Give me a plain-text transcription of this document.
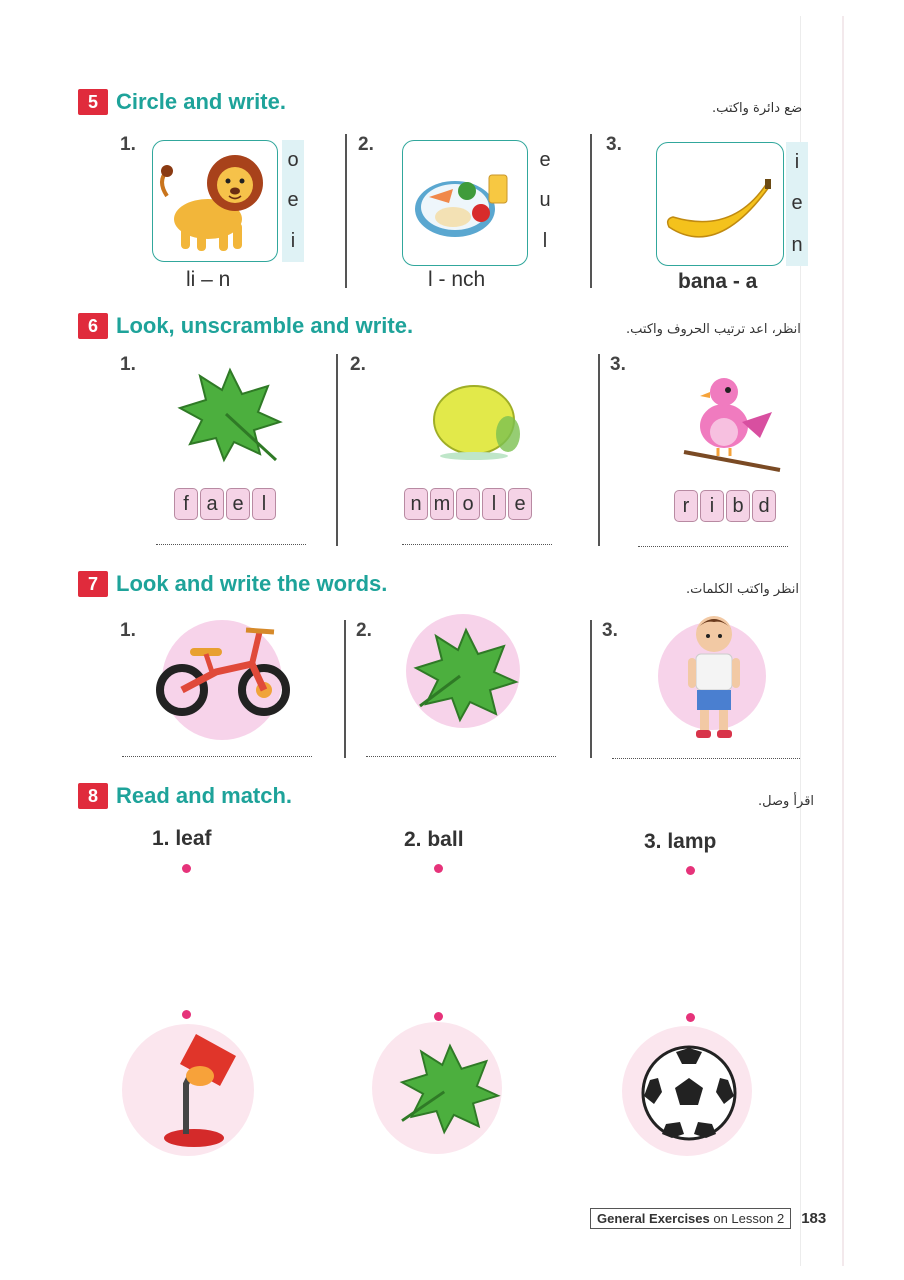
5 Circle and write.	ضع دائرة واكتب.
1.
o
e
i
li – n
2.
e
u
l
l - nch
3.
i
e
n
bana - a
6 Look, unscramble and write.	انظر، اعد ترتيب الحروف واكتب.
1.
f a e l
2.
n m o l e
3.
r	i b d
7 Look and write the words.	انظر واكتب الكلمات.
1.	2.	3.
8 Read and match.	اقرأ وصل.
1. leaf	2. ball	3. lamp
General Exercises on Lesson 2	183
